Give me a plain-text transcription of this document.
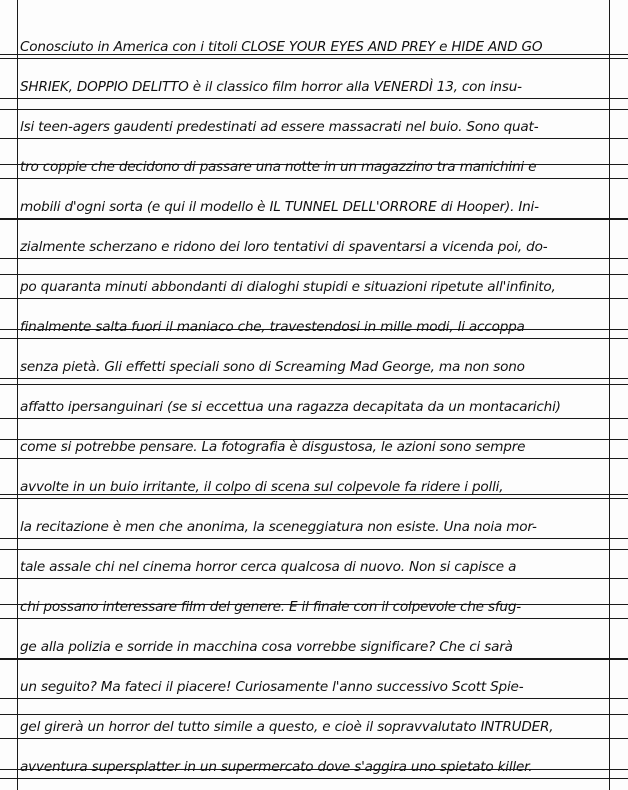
Conosciuto in America con i titoli CLOSE YOUR EYES AND PREY e HIDE AND GO
SHRIEK, DOPPIO DELITTO è il classico film horror alla VENERDÌ 13, con insu-
lsi teen-agers gaudenti predestinati ad essere massacrati nel buio. Sono quat-
tro coppie che decidono di passare una notte in un magazzino tra manichini e
mobili d'ogni sorta (e qui il modello è IL TUNNEL DELL'ORRORE di Hooper). Ini-
zialmente scherzano e ridono dei loro tentativi di spaventarsi a vicenda poi, do-
po quaranta minuti abbondanti di dialoghi stupidi e situazioni ripetute all'infinito,
finalmente salta fuori il maniaco che, travestendosi in mille modi, li accoppa
senza pietà. Gli effetti speciali sono di Screaming Mad George, ma non sono
affatto ipersanguinari (se si eccettua una ragazza decapitata da un montacarichi)
come si potrebbe pensare. La fotografia è disgustosa, le azioni sono sempre
avvolte in un buio irritante, il colpo di scena sul colpevole fa ridere i polli,
la recitazione è men che anonima, la sceneggiatura non esiste. Una noia mor-
tale assale chi nel cinema horror cerca qualcosa di nuovo. Non si capisce a
chi possano interessare film del genere. E il finale con il colpevole che sfug-
ge alla polizia e sorride in macchina cosa vorrebbe significare? Che ci sarà
un seguito? Ma fateci il piacere! Curiosamente l'anno successivo Scott Spie-
gel girerà un horror del tutto simile a questo, e cioè il sopravvalutato INTRUDER,
avventura supersplatter in un supermercato dove s'aggira uno spietato killer.
